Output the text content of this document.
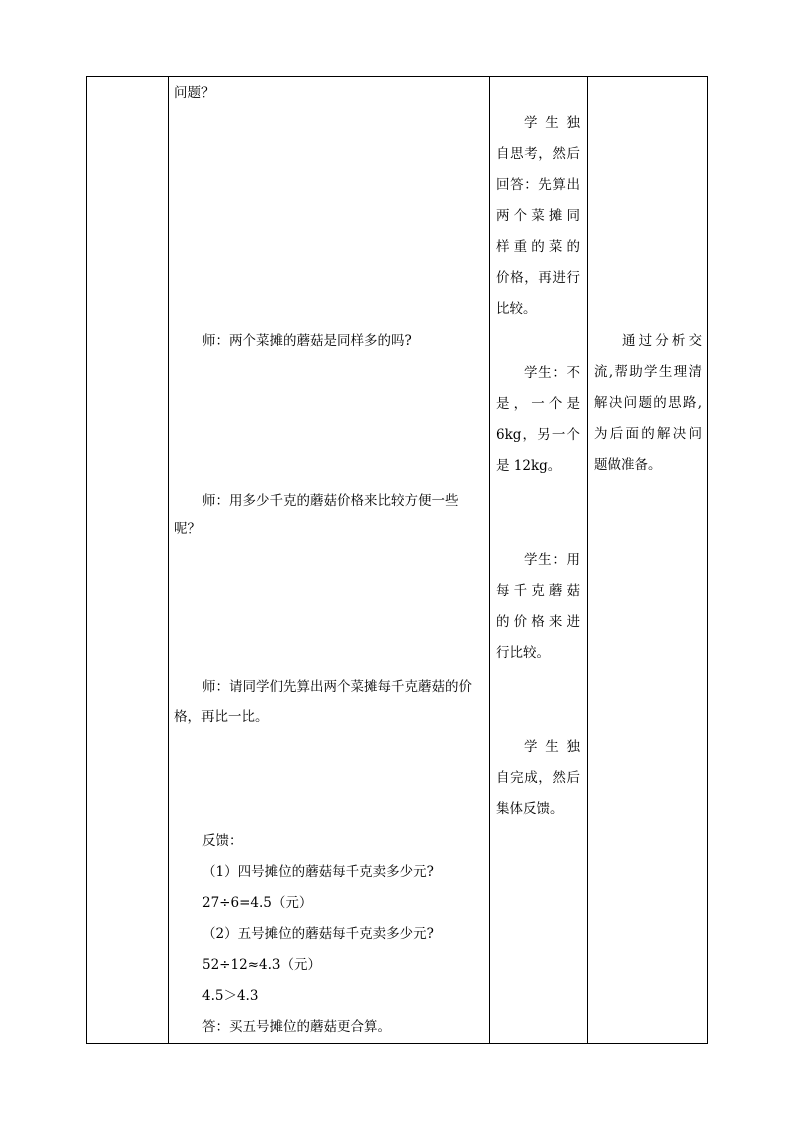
问题？
师：两个菜摊的蘑菇是同样多的吗?
师：用多少千克的蘑菇价格来比较方便一些
呢？
师：请同学们先算出两个菜摊每千克蘑菇的价
格，再比一比。
反馈：
（1）四号摊位的蘑菇每千克卖多少元?
27÷6=4.5（元）
（2）五号摊位的蘑菇每千克卖多少元?
52÷12≈4.3（元）
4.5＞4.3
答：买五号摊位的蘑菇更合算。
学生独
自思考，然后
回答：先算出
两个菜摊同
样重的菜的
价格，再进行
比较。
学生：不
是，一个是
6kg，另一个
是 12kg。
学生：用
每千克蘑菇
的价格来进
行比较。
学生独
自完成，然后
集体反馈。
通过分析交
流,帮助学生理清
解决问题的思路,
为后面的解决问
题做准备。
